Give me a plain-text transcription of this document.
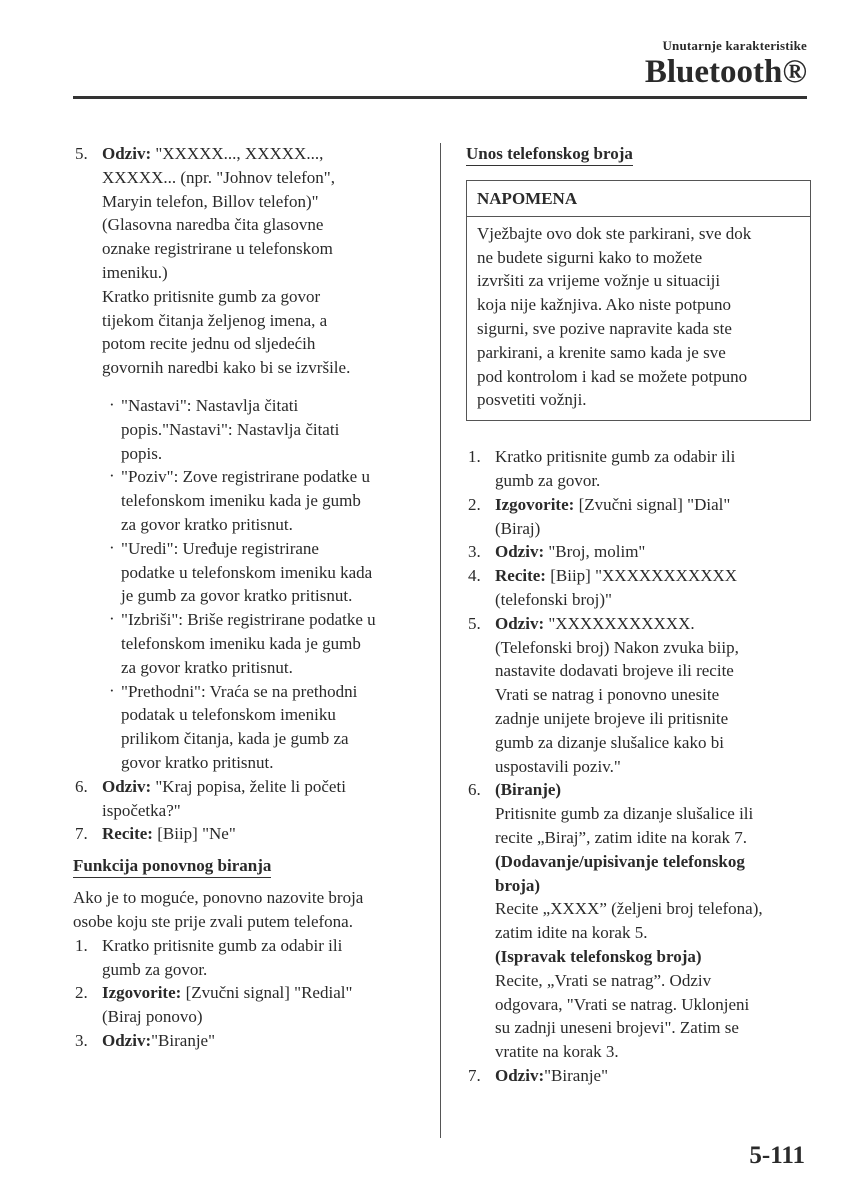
Unutarnje karakteristike
Bluetooth®
5. Odziv: "XXXXX..., XXXXX...,
XXXXX... (npr. "Johnov telefon",
Maryin telefon, Billov telefon)"
(Glasovna naredba čita glasovne
oznake registrirane u telefonskom
imeniku.)
Kratko pritisnite gumb za govor
tijekom čitanja željenog imena, a
potom recite jednu od sljedećih
govornih naredbi kako bi se izvršile.
· "Nastavi": Nastavlja čitati
popis."Nastavi": Nastavlja čitati
popis.
· "Poziv": Zove registrirane podatke u
telefonskom imeniku kada je gumb
za govor kratko pritisnut.
· "Uredi": Uređuje registrirane
podatke u telefonskom imeniku kada
je gumb za govor kratko pritisnut.
· "Izbriši": Briše registrirane podatke u
telefonskom imeniku kada je gumb
za govor kratko pritisnut.
· "Prethodni": Vraća se na prethodni
podatak u telefonskom imeniku
prilikom čitanja, kada je gumb za
govor kratko pritisnut.
6. Odziv: "Kraj popisa, želite li početi
ispočetka?"
7. Recite: [Biip] "Ne"
Funkcija ponovnog biranja
Ako je to moguće, ponovno nazovite broja
osobe koju ste prije zvali putem telefona.
1. Kratko pritisnite gumb za odabir ili
gumb za govor.
2. Izgovorite: [Zvučni signal] "Redial"
(Biraj ponovo)
3. Odziv:"Biranje"
Unos telefonskog broja
NAPOMENA
Vježbajte ovo dok ste parkirani, sve dok
ne budete sigurni kako to možete
izvršiti za vrijeme vožnje u situaciji
koja nije kažnjiva. Ako niste potpuno
sigurni, sve pozive napravite kada ste
parkirani, a krenite samo kada je sve
pod kontrolom i kad se možete potpuno
posvetiti vožnji.
1. Kratko pritisnite gumb za odabir ili
gumb za govor.
2. Izgovorite: [Zvučni signal] "Dial"
(Biraj)
3. Odziv: "Broj, molim"
4. Recite: [Biip] "XXXXXXXXXXX
(telefonski broj)"
5. Odziv: "XXXXXXXXXXX.
(Telefonski broj) Nakon zvuka biip,
nastavite dodavati brojeve ili recite
Vrati se natrag i ponovno unesite
zadnje unijete brojeve ili pritisnite
gumb za dizanje slušalice kako bi
uspostavili poziv."
6. (Biranje)
Pritisnite gumb za dizanje slušalice ili
recite „Biraj”, zatim idite na korak 7.
(Dodavanje/upisivanje telefonskog
broja)
Recite „XXXX” (željeni broj telefona),
zatim idite na korak 5.
(Ispravak telefonskog broja)
Recite, „Vrati se natrag”. Odziv
odgovara, "Vrati se natrag. Uklonjeni
su zadnji uneseni brojevi". Zatim se
vratite na korak 3.
7. Odziv:"Biranje"
5-111
